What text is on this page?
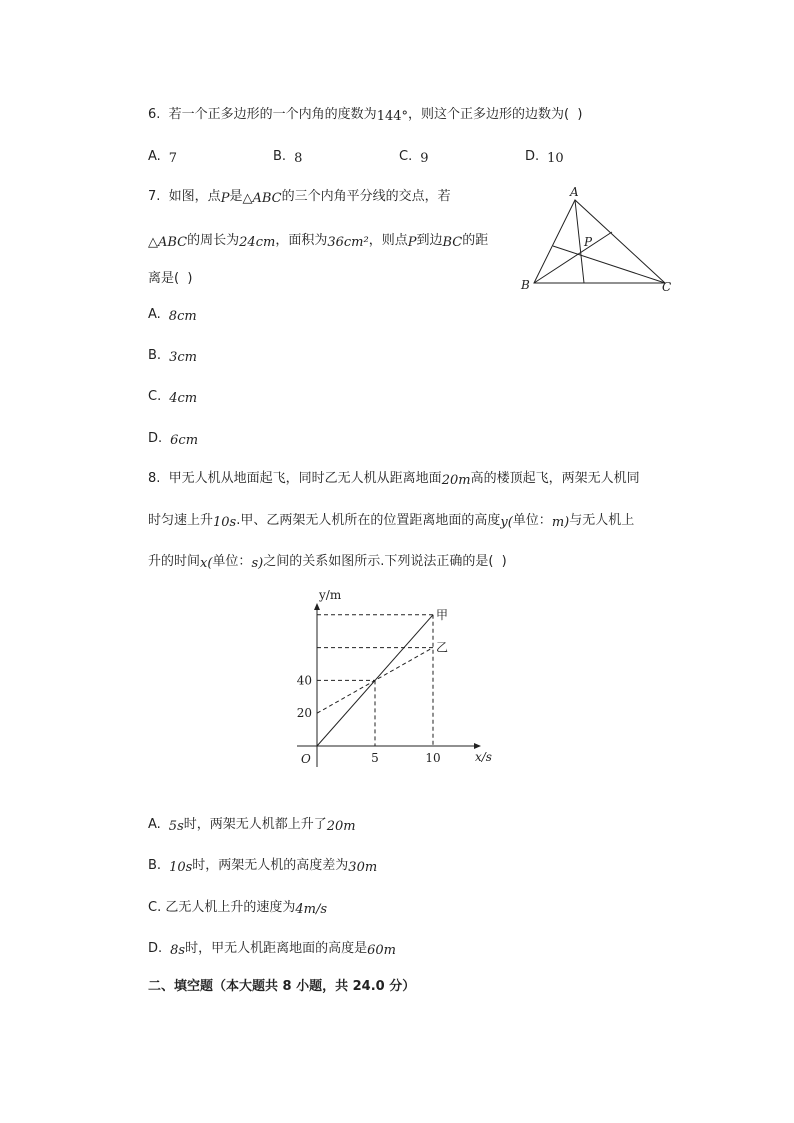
6. 若一个正多边形的一个内角的度数为144°，则这个正多边形的边数为(  )
A. 7	B. 8	C. 9	D. 10
7. 如图，点P是△ABC的三个内角平分线的交点，若
△ABC的周长为24cm，面积为36cm²，则点P到边BC的距
离是(  )
A
B	C
P
A. 8cm
B. 3cm
C. 4cm
D. 6cm
8. 甲无人机从地面起飞，同时乙无人机从距离地面20m高的楼顶起飞，两架无人机同
时匀速上升10s.甲、乙两架无人机所在的位置距离地面的高度y(单位：m)与无人机上
升的时间x(单位：s)之间的关系如图所示.下列说法正确的是(  )
y/m
x/s
O	5	10
20
40
甲
乙
A. 5s时，两架无人机都上升了20m
B. 10s时，两架无人机的高度差为30m
C. 乙无人机上升的速度为4m/s
D. 8s时，甲无人机距离地面的高度是60m
二、填空题（本大题共 8 小题，共 24.0 分）
